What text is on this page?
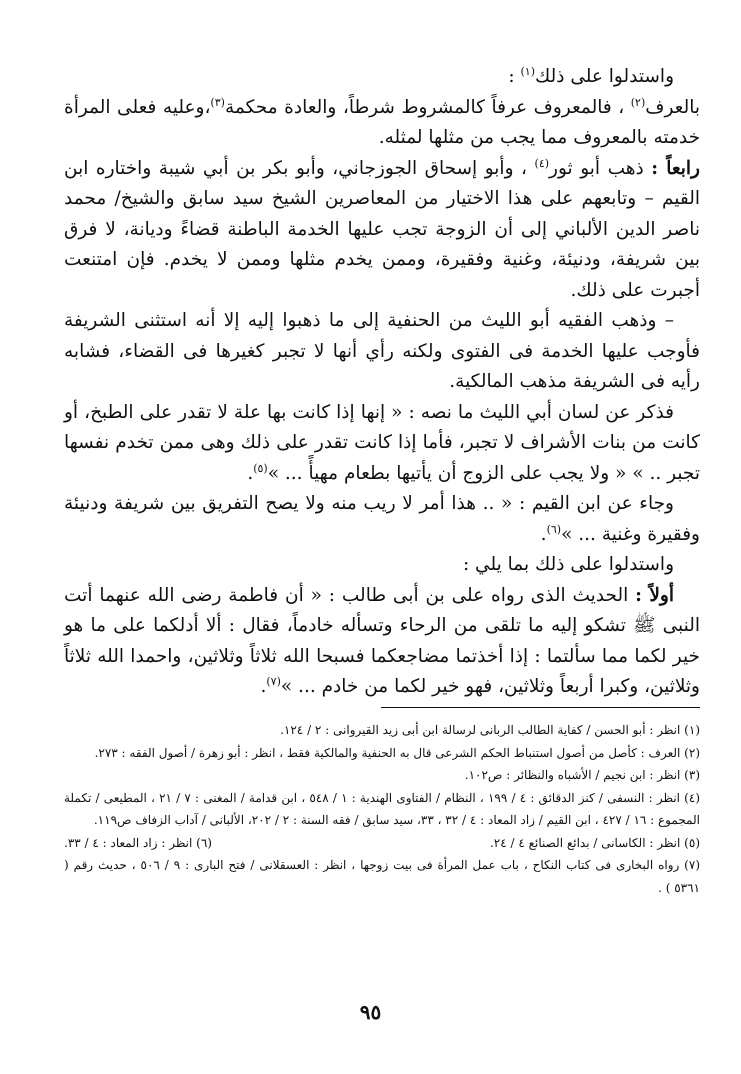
واستدلوا على ذلك$^{(١)}$ :

بالعرف$^{(٢)}$ ، فالمعروف عرفاً كالمشروط شرطاً، والعادة محكمة$^{(٣)}$،وعليه فعلى المرأة خدمته بالمعروف مما يجب من مثلها لمثله.

رابعاً : ذهب أبو ثور$^{(٤)}$ ، وأبو إسحاق الجوزجاني، وأبو بكر بن أبي شيبة واختاره ابن القيم – وتابعهم على هذا الاختيار من المعاصرين الشيخ سيد سابق والشيخ/ محمد ناصر الدين الألباني إلى أن الزوجة تجب عليها الخدمة الباطنة قضاءً وديانة، لا فرق بين شريفة، ودنيئة، وغنية وفقيرة، وممن يخدم مثلها وممن لا يخدم. فإن امتنعت أجبرت على ذلك.

– وذهب الفقيه أبو الليث من الحنفية إلى ما ذهبوا إليه إلا أنه استثنى الشريفة فأوجب عليها الخدمة فى الفتوى ولكنه رأي أنها لا تجبر كغيرها فى القضاء، فشابه رأيه فى الشريفة مذهب المالكية.

فذكر عن لسان أبي الليث ما نصه : « إنها إذا كانت بها علة لا تقدر على الطبخ، أو كانت من بنات الأشراف لا تجبر، فأما إذا كانت تقدر على ذلك وهى ممن تخدم نفسها تجبر .. » « ولا يجب على الزوج أن يأتيها بطعام مهيأً ... »$^{(٥)}$.

وجاء عن ابن القيم : « .. هذا أمر لا ريب منه ولا يصح التفريق بين شريفة ودنيئة وفقيرة وغنية ... »$^{(٦)}$.

واستدلوا على ذلك بما يلي :

أولاً : الحديث الذى رواه على بن أبى طالب : « أن فاطمة رضى الله عنهما أتت النبى ﷺ تشكو إليه ما تلقى من الرحاء وتسأله خادماً، فقال : ألا أدلكما على ما هو خير لكما مما سألتما : إذا أخذتما مضاجعكما فسبحا الله ثلاثاً وثلاثين، واحمدا الله ثلاثاً وثلاثين، وكبرا أربعاً وثلاثين، فهو خير لكما من خادم ... »$^{(٧)}$.

(١) انظر : أبو الحسن / كفاية الطالب الربانى لرسالة ابن أبى زيد القيروانى : ٢ / ١٢٤.

(٢) العرف : كأصل من أصول استنباط الحكم الشرعى قال به الحنفية والمالكية فقط ، انظر : أبو زهرة / أصول الفقه : ٢٧٣.

(٣) انظر : ابن نجيم / الأشباه والنظائر : ص١٠٢.

(٤) انظر : النسفى / كنز الدقائق : ٤ / ١٩٩ ، النظام / الفتاوى الهندية : ١ / ٥٤٨ ، ابن قدامة / المغنى : ٧ / ٢١ ، المطيعى / تكملة المجموع : ١٦ / ٤٢٧ ، ابن القيم / زاد المعاد : ٤ / ٣٢ ، ٣٣، سيد سابق / فقه السنة : ٢ / ٢٠٢، الألبانى / آداب الزفاف ص١١٩.

(٥) انظر : الكاسانى / بدائع الصنائع ٤ / ٢٤.
(٦) انظر : زاد المعاد : ٤ / ٣٣.

(٧) رواه البخارى فى كتاب النكاح ، باب عمل المرأة فى بيت زوجها ، انظر : العسقلانى / فتح البارى : ٩ / ٥٠٦ ، حديث رقم ( ٥٣٦١ ) .

٩٥
